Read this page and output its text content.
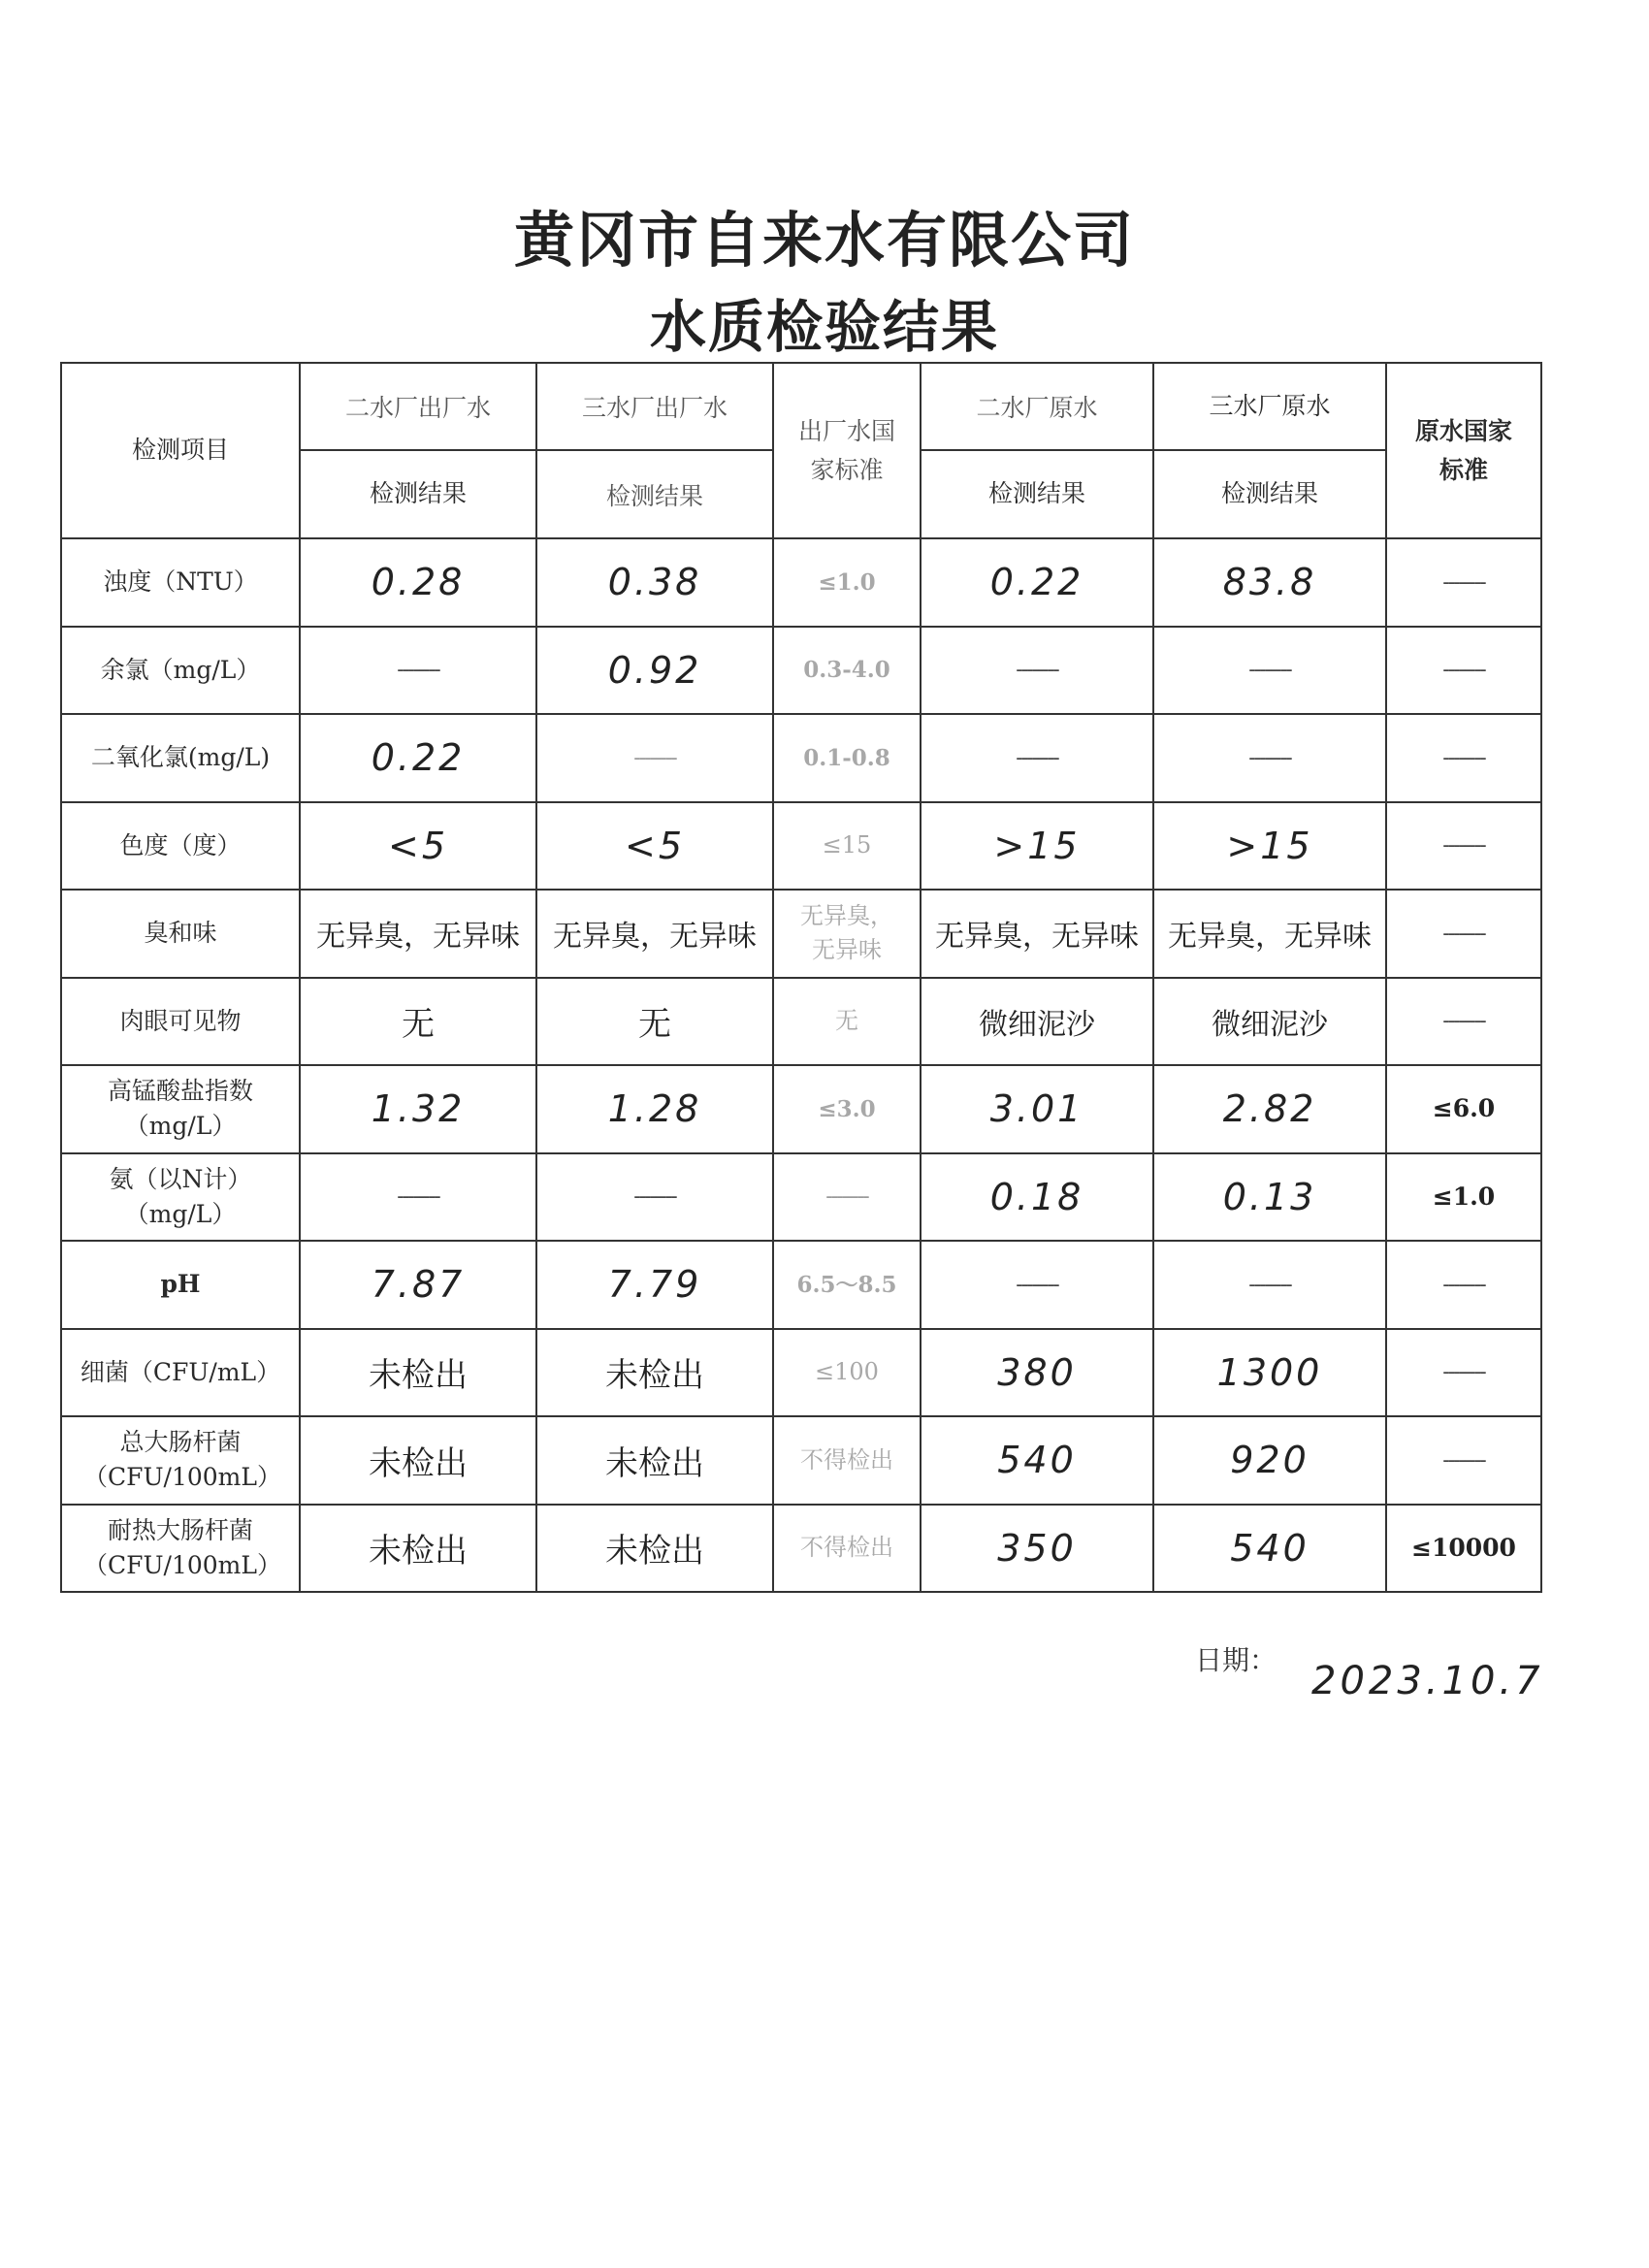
黄冈市自来水有限公司
水质检验结果
检测项目	二水厂出厂水	三水厂出厂水	出厂水国家标准	二水厂原水	三水厂原水	原水国家标准
	检测结果	检测结果		检测结果	检测结果	
浊度（NTU）	0.28	0.38	≤1.0	0.22	83.8	--------
余氯（mg/L）	--------	0.92	0.3-4.0	--------	--------	--------
二氧化氯(mg/L)	0.22	--------	0.1-0.8	--------	--------	--------
色度（度）	<5	<5	≤15	>15	>15	--------
臭和味	无异臭，无异味	无异臭，无异味	无异臭，无异味	无异臭，无异味	无异臭，无异味	--------
肉眼可见物	无	无	无	微细泥沙	微细泥沙	--------
高锰酸盐指数（mg/L）	1.32	1.28	≤3.0	3.01	2.82	≤6.0
氨（以N计）（mg/L）	--------	--------	--------	0.18	0.13	≤1.0
pH	7.87	7.79	6.5～8.5	--------	--------	--------
细菌（CFU/mL）	未检出	未检出	≤100	380	1300	--------
总大肠杆菌（CFU/100mL）	未检出	未检出	不得检出	540	920	--------
耐热大肠杆菌（CFU/100mL）	未检出	未检出	不得检出	350	540	≤10000
日期： 2023.10.7
